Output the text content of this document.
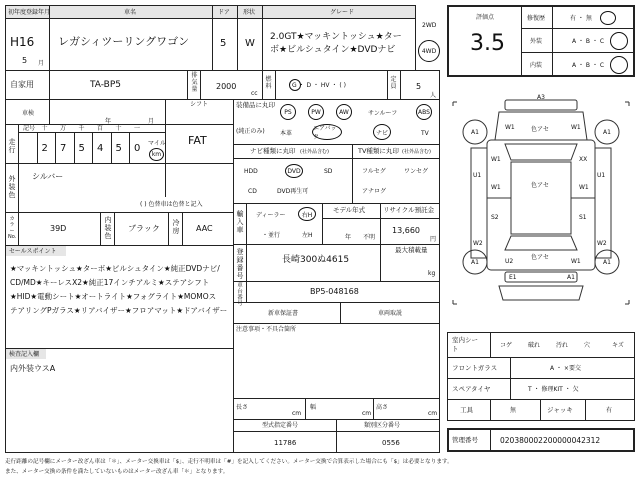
初年度登録年月
H16
5 月
車名
レガシィツーリングワゴン
ドア
5
形状
W
グレード
2.0GT★マッキントッシュ★ター
ボ★ビルシュタイン★DVDナビ
2WD
4WD
自家用	TA-BP5
排気量 2000
cc
燃料	G ・ D ・ HV ・ ( )
定員 5
人
車検
年	月
シフト
FAT
走行
記号 十 万 千 百 十 一
2 7 5 4 5 0 マイル
km
外装色
シルバー
( ) 色替車は色替と記入
カラーNo.
39D
内装色
ブラック
冷房 AAC
セールスポイント
★マッキントッシュ★ターボ★ビルシュタイン★純正DVDナビ/
CD/MD★キーレスX2★純正17インチアルミ★ステアシフト
★HID★電動シート★オートライト★フォグライト★MOMOス
テアリングPガラス★リアバイザー★フロアマット★ドアバイザー
検査記入欄
内外装ウスA
装備品に丸印
(純正のみ)
PS	PW	AW	サンルーフ	ABS
本革
エアバック
ナビ	TV
ナビ種類に丸印 (社外品含む)	TV種類に丸印 (社外品含む)
HDD	DVD	SD
CD	DVD再生可
フルセグ	ワンセグ
アナログ
輸入車
ディーラー
・並行
右H
左H
モデル年式
年　　不明
リサイクル預託金
13,660
円
登録番号
長崎300ぬ4615
最大積載量
kg
車台番号
BP5-048168
新車保証書	車両取説
注意事項・不具合箇所
長さ
cm
幅
cm
高さ
cm
型式指定番号
11786
類別区分番号
0556
評価点
3.5
修復歴	有 ・ 無
外装	A ・ B ・ C
内装	A ・ B ・ C
A3
A1	A1
W1	W1
色アセ
W1	XX
色アセ
U1	U1
W1	W1
S2	S1
W2	W2
色アセ
A1	A1
U2	W1
E1	A1
室内シート	コゲ	破れ	汚れ	穴	キズ
フロントガラス	A ・ ×要交
スペアタイヤ	T ・ 修理KIT ・ 欠
工具	無	ジャッキ	有
管理番号	020380002200000042312
走行距離の記号欄にメーター改ざん車は「＊」、メーター交換車は「$」、走行不明車は「#」を記入してください。メーター交換で合算表示した場合にも「$」は必要となります。
また、メーター交換の条件を満たしていないものはメーター改ざん車「＊」となります。
